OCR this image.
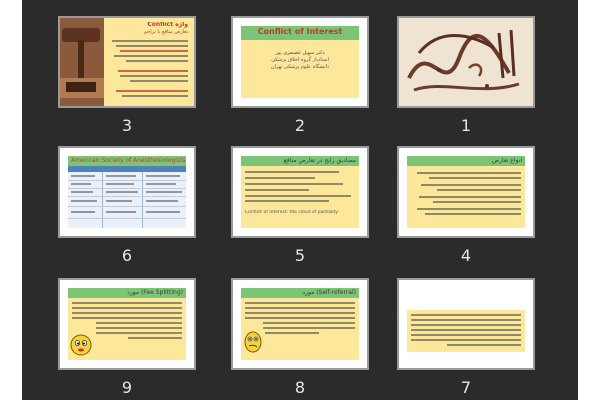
1
Conflict of Interest
دکتر سهیل غضنفری پور
استادیار گروه اخلاق پزشکی
دانشگاه علوم پزشکی تهران
2
Conflict واژه
تعارض منافع یا تزاحم
3
انواع تعارض
4
مصادیق رایج در تعارض منافع
Conflict of Interest: the cloud of partiality
5
American Society of Anesthesiologists
6
7
مورد (Self-referral)
8
مورد (Fee Splitting)
9
